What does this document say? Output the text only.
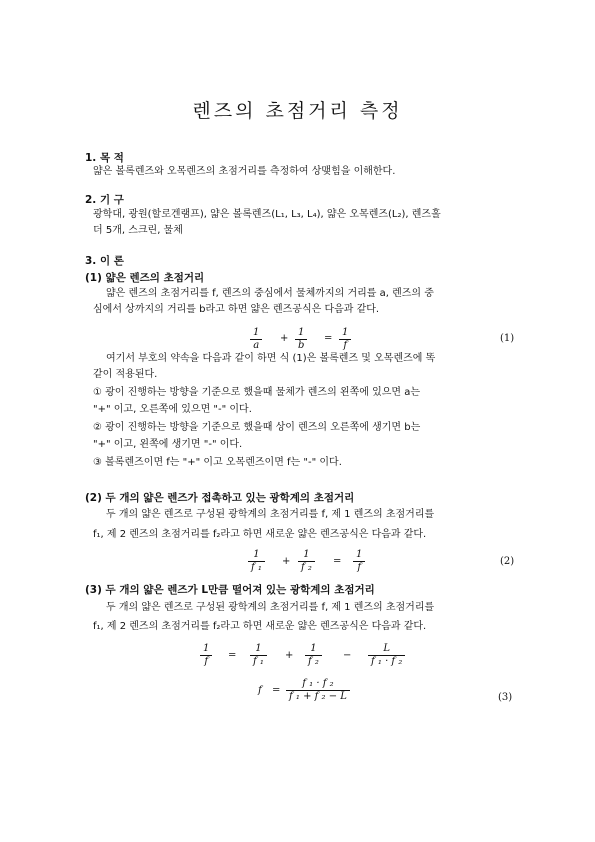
렌즈의 초점거리 측정
1. 목 적
얇은 볼록렌즈와 오목렌즈의 초점거리를 측정하여 상맺힘을 이해한다.
2. 기 구
광학대, 광원(할로겐램프), 얇은 볼록렌즈(L₁, L₃, L₄), 얇은 오목렌즈(L₂), 렌즈홀
더 5개, 스크린, 물체
3. 이 론
(1) 얇은 렌즈의 초점거리
얇은 렌즈의 초점거리를 f, 렌즈의 중심에서 물체까지의 거리를 a, 렌즈의 중
심에서 상까지의 거리를 b라고 하면 얇은 렌즈공식은 다음과 같다.
$\frac{1}{a} + \frac{1}{b} = \frac{1}{f}$	(1)
여기서 부호의 약속을 다음과 같이 하면 식 (1)은 볼록렌즈 및 오목렌즈에 똑
같이 적용된다.
① 광이 진행하는 방향을 기준으로 했을때 물체가 렌즈의 왼쪽에 있으면 a는
"+" 이고, 오른쪽에 있으면 "-" 이다.
② 광이 진행하는 방향을 기준으로 했을때 상이 렌즈의 오른쪽에 생기면 b는
"+" 이고, 왼쪽에 생기면 "-" 이다.
③ 볼록렌즈이면 f는 "+" 이고 오목렌즈이면 f는 "-" 이다.
(2) 두 개의 얇은 렌즈가 접촉하고 있는 광학계의 초점거리
두 개의 얇은 렌즈로 구성된 광학계의 초점거리를 f, 제 1 렌즈의 초점거리를
f₁, 제 2 렌즈의 초점거리를 f₂라고 하면 새로운 얇은 렌즈공식은 다음과 같다.
$\frac{1}{\text{f ₁}} + \frac{1}{\text{f ₂}} = \frac{1}{f}$	(2)
(3) 두 개의 얇은 렌즈가 L만큼 떨어져 있는 광학계의 초점거리
두 개의 얇은 렌즈로 구성된 광학계의 초점거리를 f, 제 1 렌즈의 초점거리를
f₁, 제 2 렌즈의 초점거리를 f₂라고 하면 새로운 얇은 렌즈공식은 다음과 같다.
$\frac{1}{f} = \frac{1}{\text{f ₁}} + \frac{1}{\text{f ₂}} - \frac{L}{\text{f ₁ · f ₂}}$
$f = \frac{\text{f ₁ · f ₂}}{\text{f ₁ + f ₂ − L}}$	(3)
